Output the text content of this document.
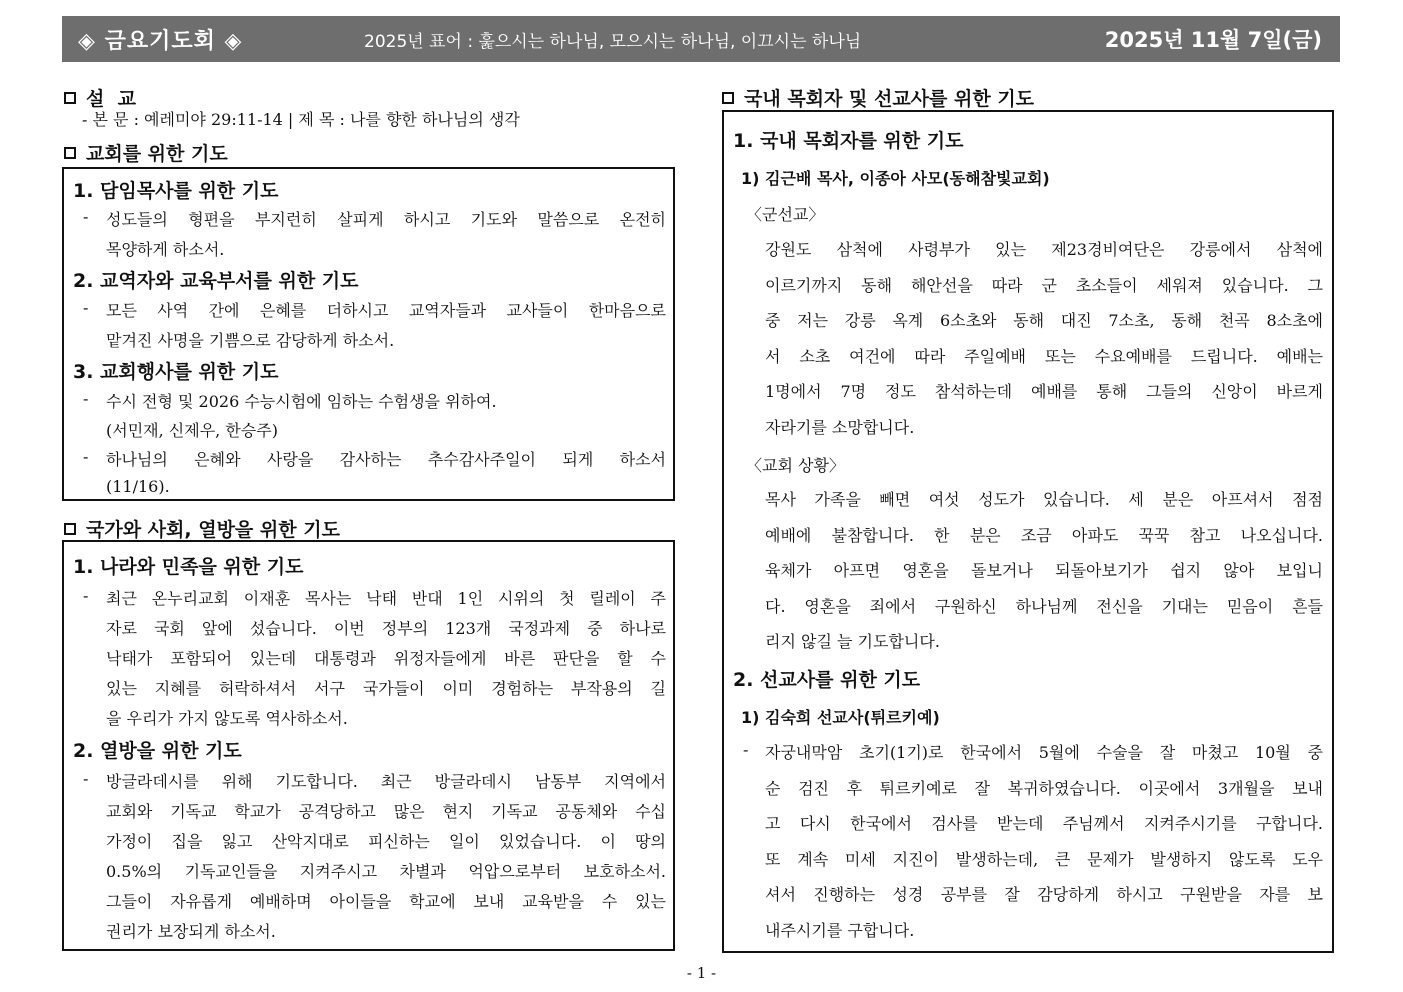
◈ 금요기도회 ◈	2025년 표어 : 훑으시는 하나님, 모으시는 하나님, 이끄시는 하나님	2025년 11월 7일(금)
설  교
- 본 문 : 예레미야 29:11-14 | 제 목 : 나를 향한 하나님의 생각
교회를 위한 기도
1. 담임목사를 위한 기도
- 성도들의 형편을 부지런히 살피게 하시고 기도와 말씀으로 온전히
목양하게 하소서.
2. 교역자와 교육부서를 위한 기도
- 모든 사역 간에 은혜를 더하시고 교역자들과 교사들이 한마음으로
맡겨진 사명을 기쁨으로 감당하게 하소서.
3. 교회행사를 위한 기도
- 수시 전형 및 2026 수능시험에 임하는 수험생을 위하여.
(서민재, 신제우, 한승주)
- 하나님의 은혜와 사랑을 감사하는 추수감사주일이 되게 하소서
(11/16).
국가와 사회, 열방을 위한 기도
1. 나라와 민족을 위한 기도
- 최근 온누리교회 이재훈 목사는 낙태 반대 1인 시위의 첫 릴레이 주
자로 국회 앞에 섰습니다. 이번 정부의 123개 국정과제 중 하나로
낙태가 포함되어 있는데 대통령과 위정자들에게 바른 판단을 할 수
있는 지혜를 허락하셔서 서구 국가들이 이미 경험하는 부작용의 길
을 우리가 가지 않도록 역사하소서.
2. 열방을 위한 기도
- 방글라데시를 위해 기도합니다. 최근 방글라데시 남동부 지역에서
교회와 기독교 학교가 공격당하고 많은 현지 기독교 공동체와 수십
가정이 집을 잃고 산악지대로 피신하는 일이 있었습니다. 이 땅의
0.5%의 기독교인들을 지켜주시고 차별과 억압으로부터 보호하소서.
그들이 자유롭게 예배하며 아이들을 학교에 보내 교육받을 수 있는
권리가 보장되게 하소서.
국내 목회자 및 선교사를 위한 기도
1. 국내 목회자를 위한 기도
1) 김근배 목사, 이종아 사모(동해참빛교회)
〈군선교〉
강원도 삼척에 사령부가 있는 제23경비여단은 강릉에서 삼척에
이르기까지 동해 해안선을 따라 군 초소들이 세워져 있습니다. 그
중 저는 강릉 옥계 6소초와 동해 대진 7소초, 동해 천곡 8소초에
서 소초 여건에 따라 주일예배 또는 수요예배를 드립니다. 예배는
1명에서 7명 정도 참석하는데 예배를 통해 그들의 신앙이 바르게
자라기를 소망합니다.
〈교회 상황〉
목사 가족을 빼면 여섯 성도가 있습니다. 세 분은 아프셔서 점점
예배에 불참합니다. 한 분은 조금 아파도 꾹꾹 참고 나오십니다.
육체가 아프면 영혼을 돌보거나 되돌아보기가 쉽지 않아 보입니
다. 영혼을 죄에서 구원하신 하나님께 전신을 기대는 믿음이 흔들
리지 않길 늘 기도합니다.
2. 선교사를 위한 기도
1) 김숙희 선교사(튀르키예)
- 자궁내막암 초기(1기)로 한국에서 5월에 수술을 잘 마쳤고 10월 중
순 검진 후 튀르키예로 잘 복귀하였습니다. 이곳에서 3개월을 보내
고 다시 한국에서 검사를 받는데 주님께서 지켜주시기를 구합니다.
또 계속 미세 지진이 발생하는데, 큰 문제가 발생하지 않도록 도우
셔서 진행하는 성경 공부를 잘 감당하게 하시고 구원받을 자를 보
내주시기를 구합니다.
- 1 -
